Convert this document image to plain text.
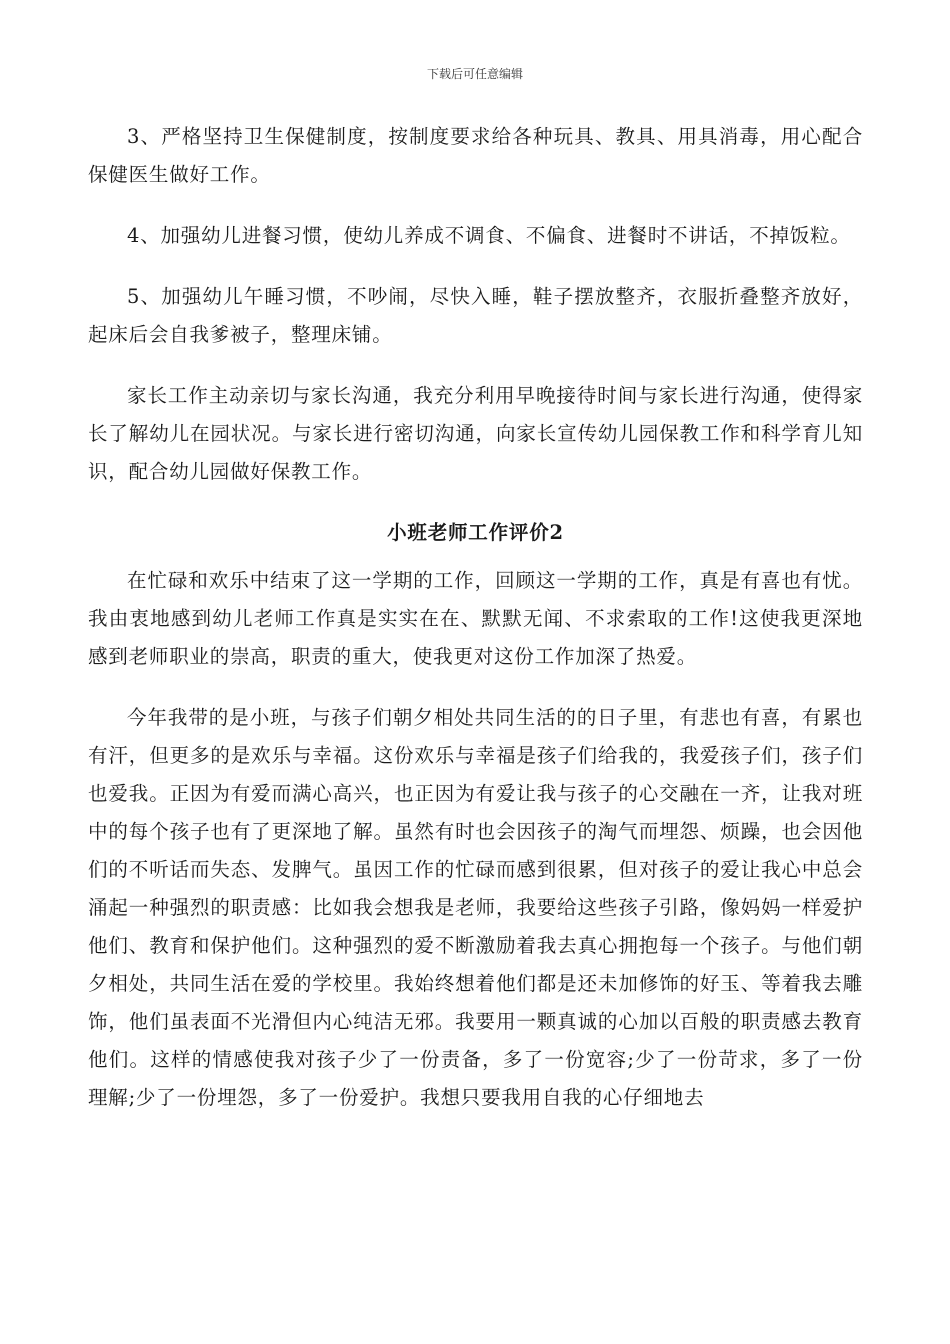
下载后可任意编辑

3、严格坚持卫生保健制度，按制度要求给各种玩具、教具、用具消毒，用心配合保健医生做好工作。

4、加强幼儿进餐习惯，使幼儿养成不调食、不偏食、进餐时不讲话，不掉饭粒。

5、加强幼儿午睡习惯，不吵闹，尽快入睡，鞋子摆放整齐，衣服折叠整齐放好，起床后会自我爹被子，整理床铺。

家长工作主动亲切与家长沟通，我充分利用早晚接待时间与家长进行沟通，使得家长了解幼儿在园状况。与家长进行密切沟通，向家长宣传幼儿园保教工作和科学育儿知识，配合幼儿园做好保教工作。

小班老师工作评价2

在忙碌和欢乐中结束了这一学期的工作，回顾这一学期的工作，真是有喜也有忧。我由衷地感到幼儿老师工作真是实实在在、默默无闻、不求索取的工作!这使我更深地感到老师职业的崇高，职责的重大，使我更对这份工作加深了热爱。

今年我带的是小班，与孩子们朝夕相处共同生活的的日子里，有悲也有喜，有累也有汗，但更多的是欢乐与幸福。这份欢乐与幸福是孩子们给我的，我爱孩子们，孩子们也爱我。正因为有爱而满心高兴，也正因为有爱让我与孩子的心交融在一齐，让我对班中的每个孩子也有了更深地了解。虽然有时也会因孩子的淘气而埋怨、烦躁，也会因他们的不听话而失态、发脾气。虽因工作的忙碌而感到很累，但对孩子的爱让我心中总会涌起一种强烈的职责感：比如我会想我是老师，我要给这些孩子引路，像妈妈一样爱护他们、教育和保护他们。这种强烈的爱不断激励着我去真心拥抱每一个孩子。与他们朝夕相处，共同生活在爱的学校里。我始终想着他们都是还未加修饰的好玉、等着我去雕饰，他们虽表面不光滑但内心纯洁无邪。我要用一颗真诚的心加以百般的职责感去教育他们。这样的情感使我对孩子少了一份责备，多了一份宽容;少了一份苛求，多了一份理解;少了一份埋怨，多了一份爱护。我想只要我用自我的心仔细地去
